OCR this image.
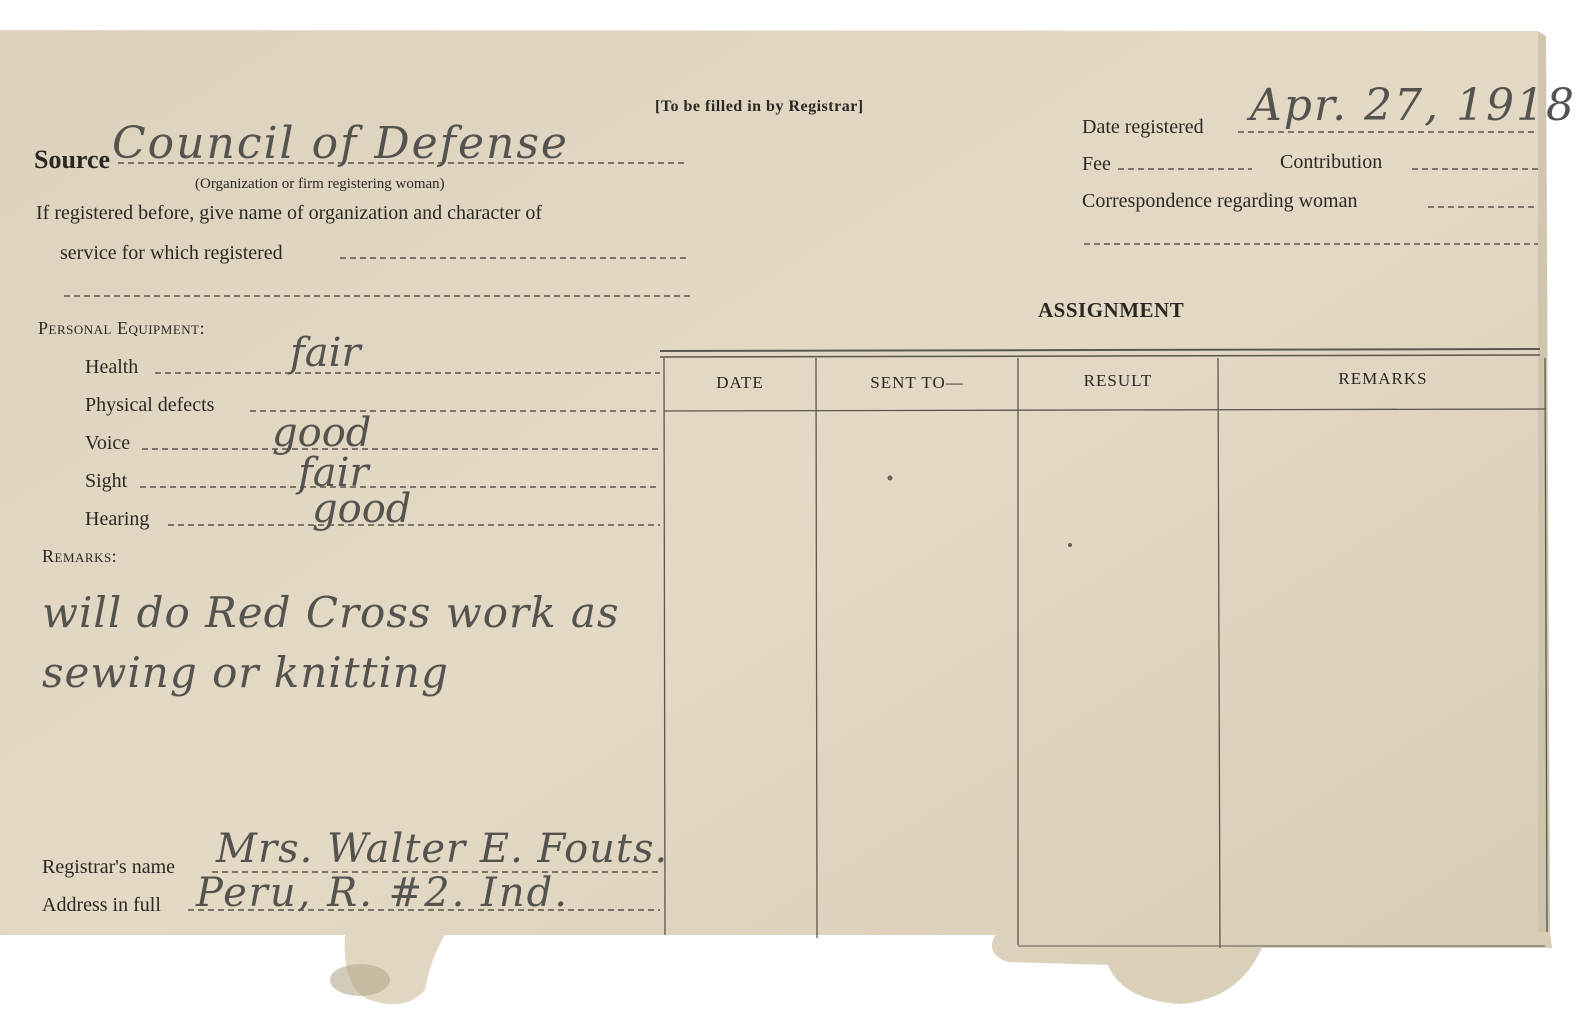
[To be filled in by Registrar]
Source Council of Defense
(Organization or firm registering woman)
If registered before, give name of organization and character of
service for which registered
Personal Equipment:
Health	fair
Physical defects
Voice	good
Sight	fair
Hearing	good
Remarks:
will do Red Cross work as
sewing or knitting
Registrar's name Mrs. Walter E. Fouts.
Address in full Peru, R. #2. Ind.
Date registered Apr. 27, 1918
Fee	Contribution
Correspondence regarding woman
ASSIGNMENT
DATE	SENT TO—	RESULT	REMARKS
